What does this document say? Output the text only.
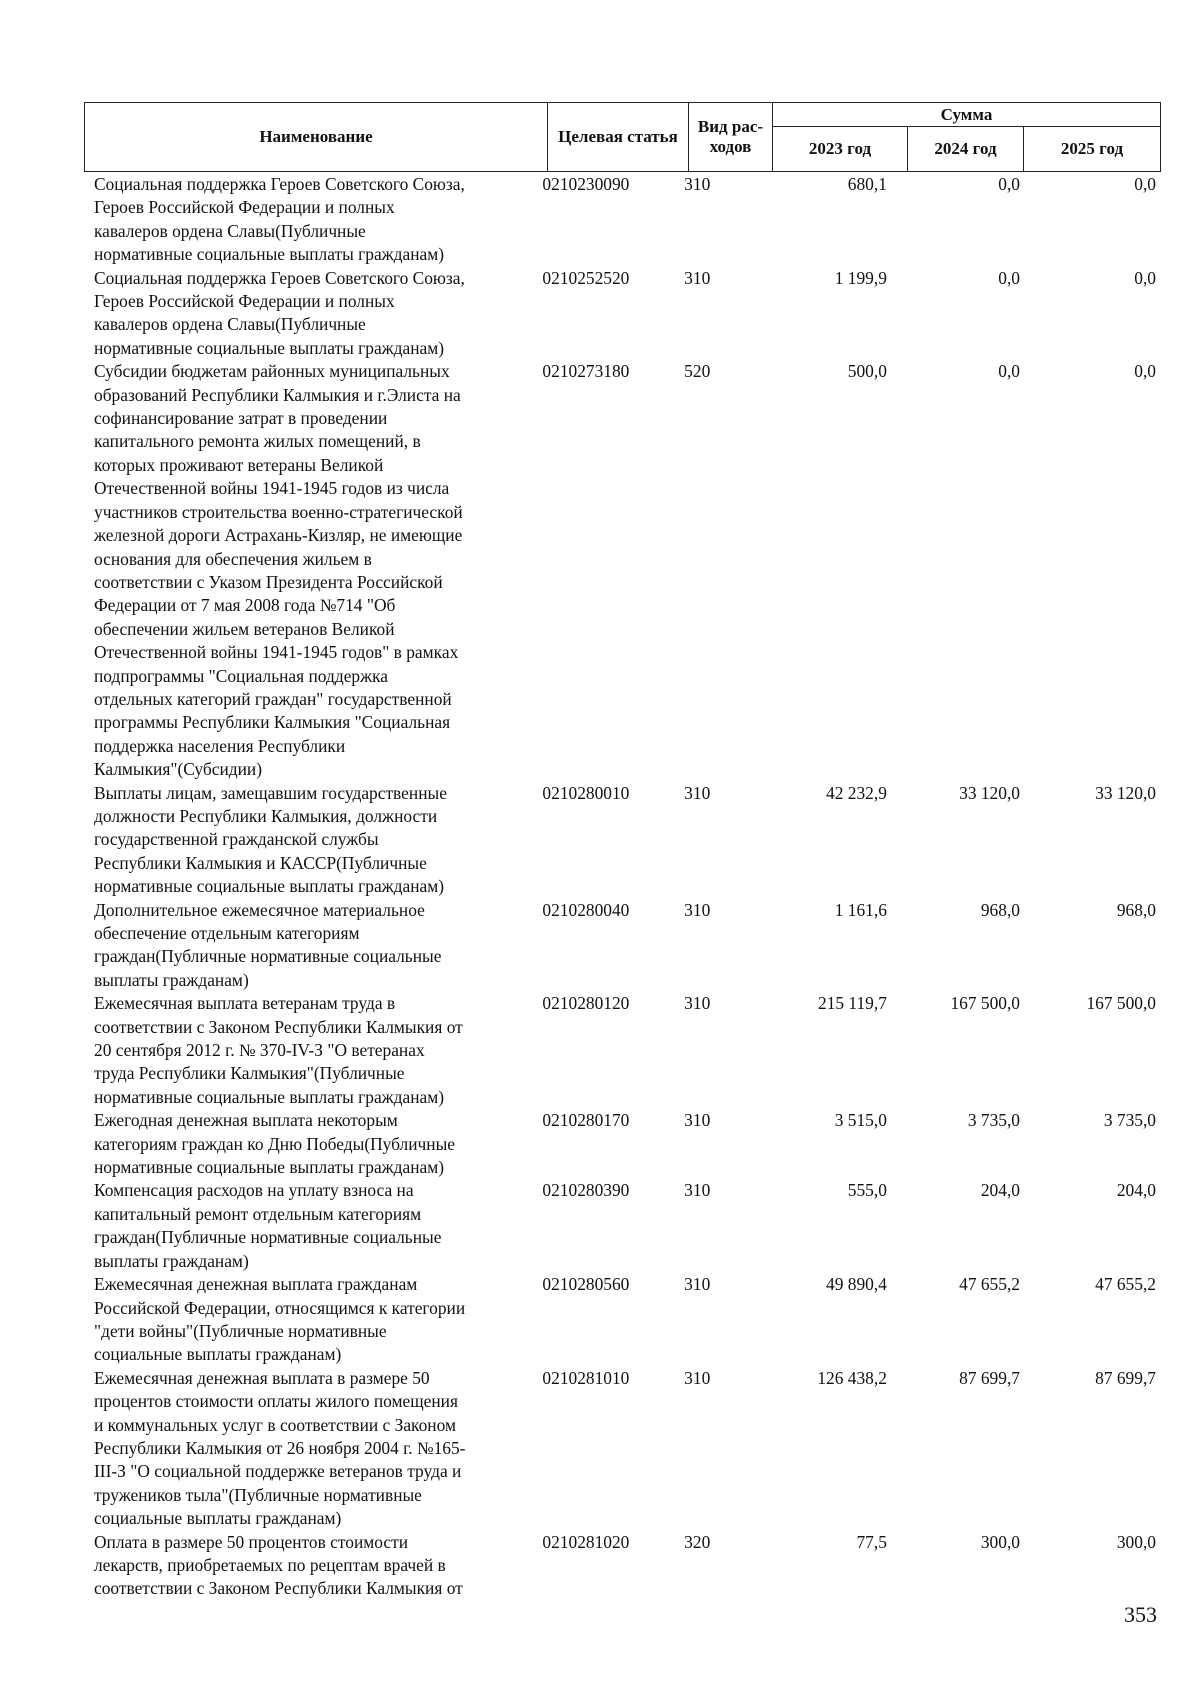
Наименование	Целевая статья	Вид рас-ходов	Сумма		
			2023 год	2024 год	2025 год
Социальная поддержка Героев Советского Союза,
Героев Российской Федерации и полных
кавалеров ордена Славы(Публичные
нормативные социальные выплаты гражданам)
0210230090	310	680,1	0,0	0,0
Социальная поддержка Героев Советского Союза,
Героев Российской Федерации и полных
кавалеров ордена Славы(Публичные
нормативные социальные выплаты гражданам)
0210252520	310	1 199,9	0,0	0,0
Субсидии бюджетам районных муниципальных
образований Республики Калмыкия и г.Элиста на
софинансирование затрат в проведении
капитального ремонта жилых помещений, в
которых проживают ветераны Великой
Отечественной войны 1941-1945 годов из числа
участников строительства военно-стратегической
железной дороги Астрахань-Кизляр, не имеющие
основания для обеспечения жильем в
соответствии с Указом Президента Российской
Федерации от 7 мая 2008 года №714 "Об
обеспечении жильем ветеранов Великой
Отечественной войны 1941-1945 годов" в рамках
подпрограммы "Социальная поддержка
отдельных категорий граждан" государственной
программы Республики Калмыкия "Социальная
поддержка населения Республики
Калмыкия"(Субсидии)
0210273180	520	500,0	0,0	0,0
Выплаты лицам, замещавшим государственные
должности Республики Калмыкия, должности
государственной гражданской службы
Республики Калмыкия и КАССР(Публичные
нормативные социальные выплаты гражданам)
0210280010	310	42 232,9	33 120,0	33 120,0
Дополнительное ежемесячное материальное
обеспечение отдельным категориям
граждан(Публичные нормативные социальные
выплаты гражданам)
0210280040	310	1 161,6	968,0	968,0
Ежемесячная выплата ветеранам труда в
соответствии с Законом Республики Калмыкия от
20 сентября 2012 г. № 370-IV-З "О ветеранах
труда Республики Калмыкия"(Публичные
нормативные социальные выплаты гражданам)
0210280120	310	215 119,7	167 500,0	167 500,0
Ежегодная денежная выплата некоторым
категориям граждан ко Дню Победы(Публичные
нормативные социальные выплаты гражданам)
0210280170	310	3 515,0	3 735,0	3 735,0
Компенсация расходов на уплату взноса на
капитальный ремонт отдельным категориям
граждан(Публичные нормативные социальные
выплаты гражданам)
0210280390	310	555,0	204,0	204,0
Ежемесячная денежная выплата гражданам
Российской Федерации, относящимся к категории
"дети войны"(Публичные нормативные
социальные выплаты гражданам)
0210280560	310	49 890,4	47 655,2	47 655,2
Ежемесячная денежная выплата в размере 50
процентов стоимости оплаты жилого помещения
и коммунальных услуг в соответствии с Законом
Республики Калмыкия от 26 ноября 2004 г. №165-
III-З "О социальной поддержке ветеранов труда и
тружеников тыла"(Публичные нормативные
социальные выплаты гражданам)
0210281010	310	126 438,2	87 699,7	87 699,7
Оплата в размере 50 процентов стоимости
лекарств, приобретаемых по рецептам врачей в
соответствии с Законом Республики Калмыкия от
0210281020	320	77,5	300,0	300,0
353
